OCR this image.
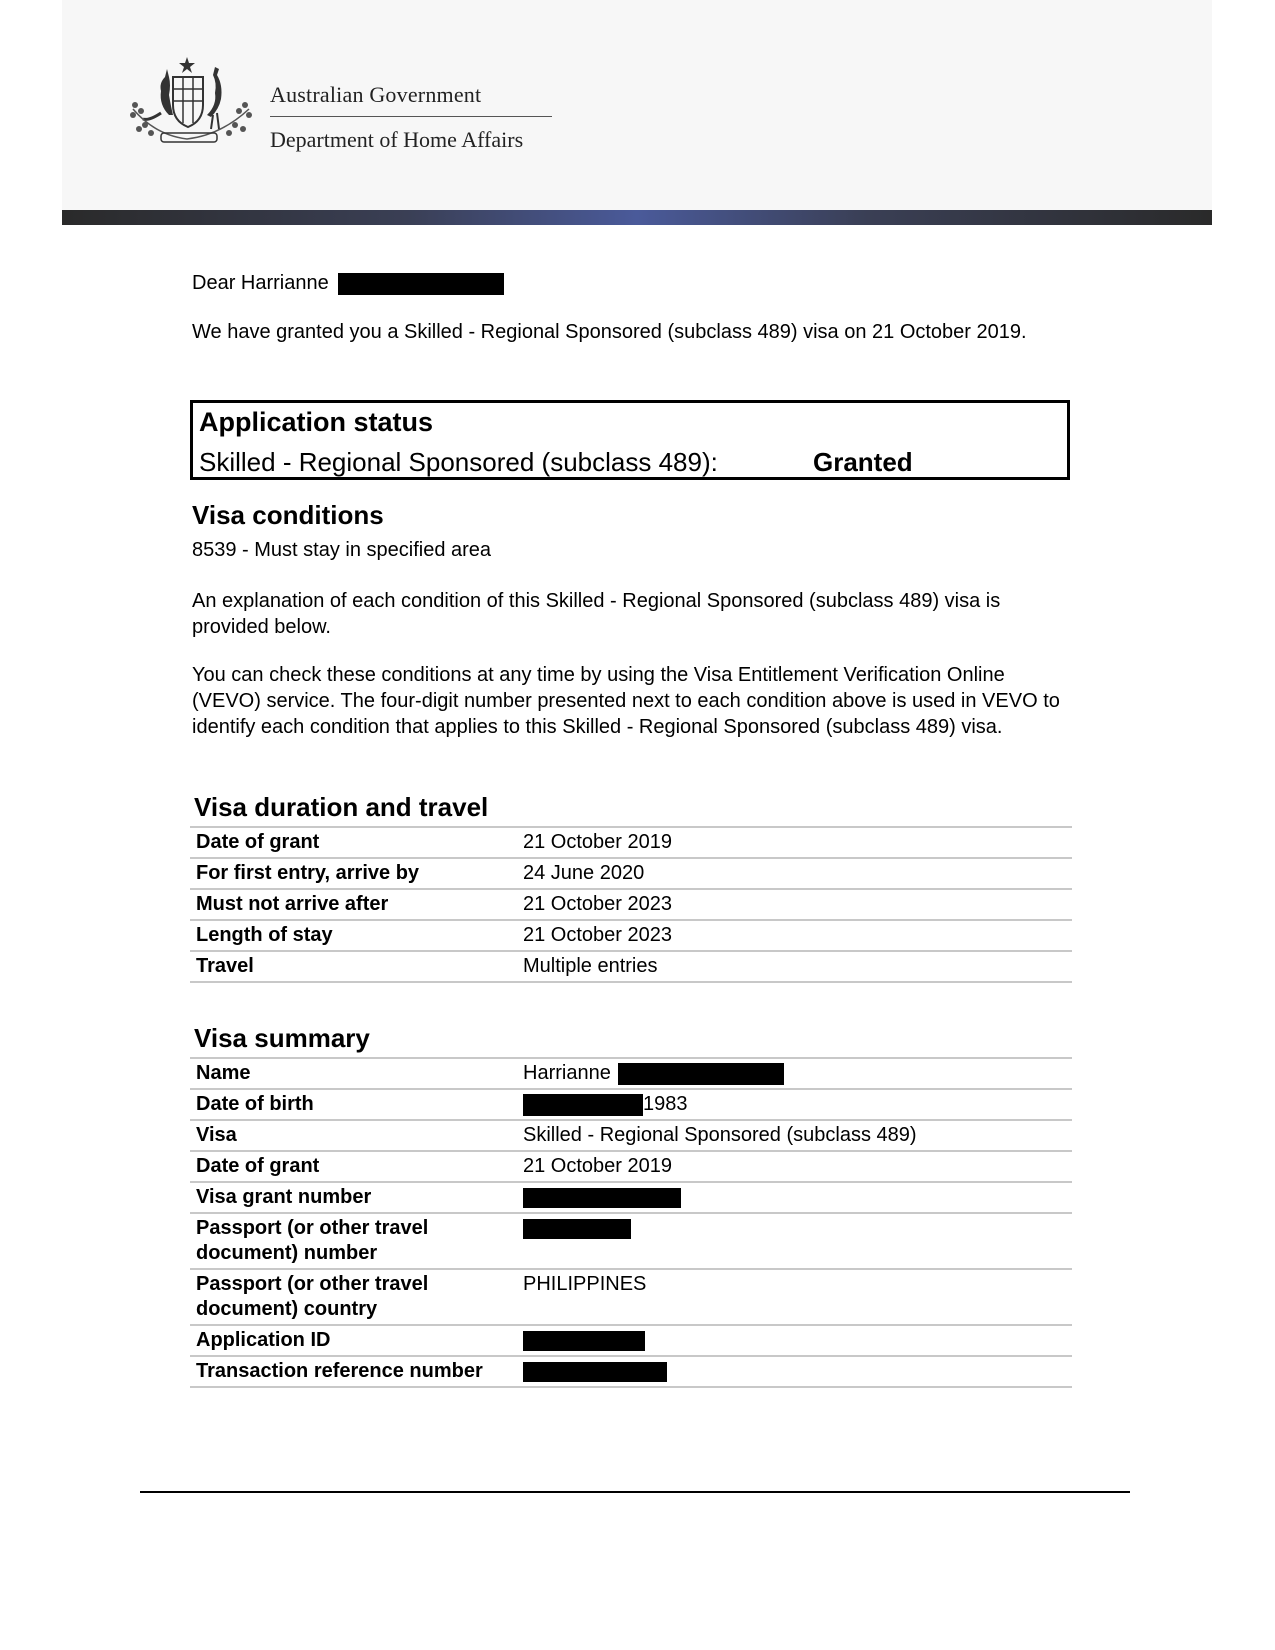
Australian Government
Department of Home Affairs

Dear Harrianne

We have granted you a Skilled - Regional Sponsored (subclass 489) visa on 21 October 2019.

Application status
Skilled - Regional Sponsored (subclass 489):	Granted
Visa conditions

8539 - Must stay in specified area

An explanation of each condition of this Skilled - Regional Sponsored (subclass 489) visa is provided below.

You can check these conditions at any time by using the Visa Entitlement Verification Online (VEVO) service. The four-digit number presented next to each condition above is used in VEVO to identify each condition that applies to this Skilled - Regional Sponsored (subclass 489) visa.

Visa duration and travel
Date of grant	21 October 2019
For first entry, arrive by	24 June 2020
Must not arrive after	21 October 2023
Length of stay	21 October 2023
Travel	Multiple entries
Visa summary
Name	Harrianne
Date of birth	1983
Visa	Skilled - Regional Sponsored (subclass 489)
Date of grant	21 October 2019
Visa grant number	
Passport (or other travel document) number	
Passport (or other travel document) country	PHILIPPINES
Application ID	
Transaction reference number	
